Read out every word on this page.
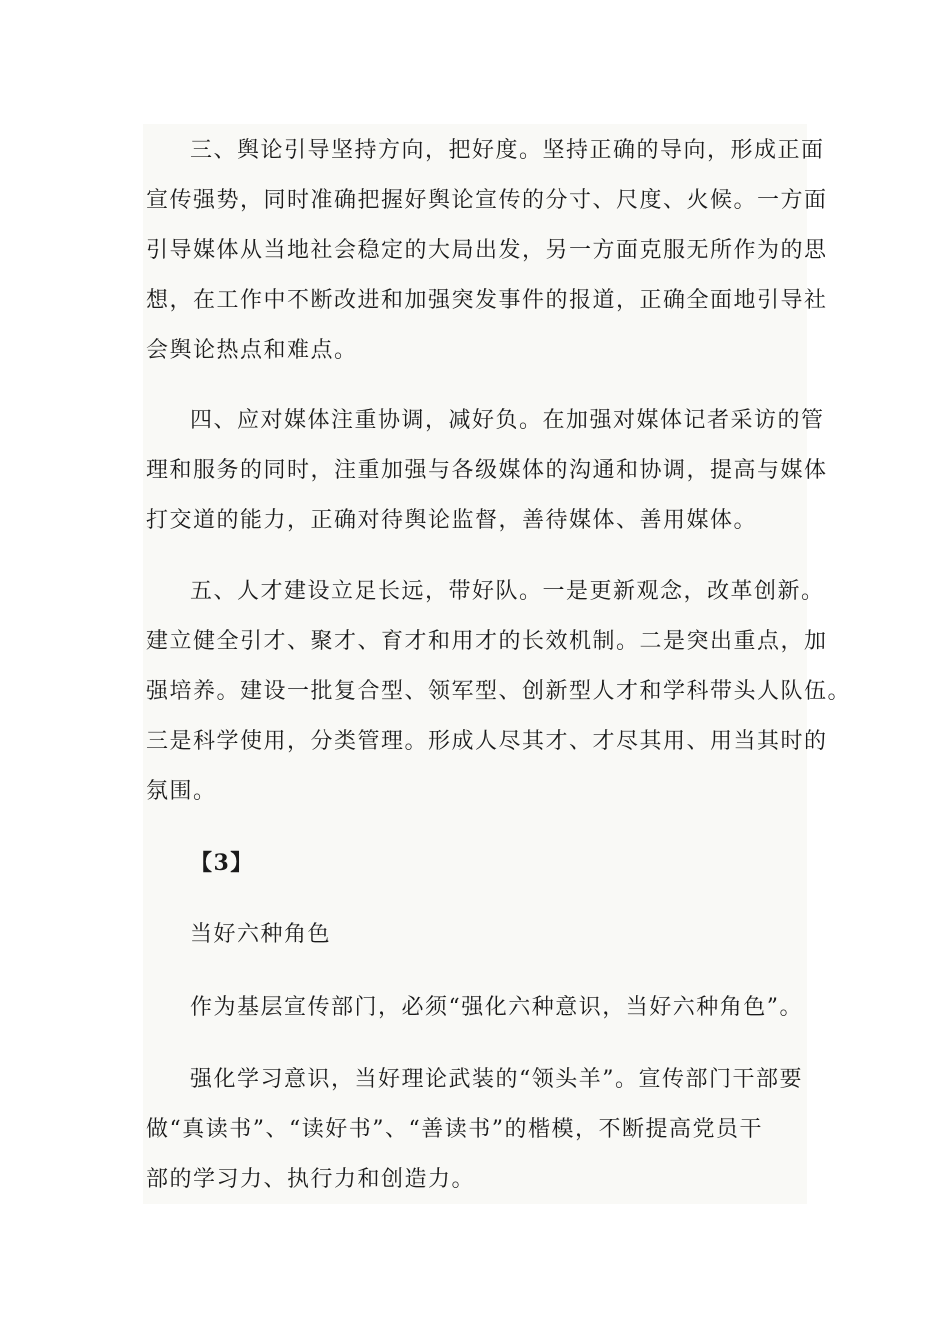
三、舆论引导坚持方向，把好度。坚持正确的导向，形成正面
宣传强势，同时准确把握好舆论宣传的分寸、尺度、火候。一方面
引导媒体从当地社会稳定的大局出发，另一方面克服无所作为的思
想，在工作中不断改进和加强突发事件的报道，正确全面地引导社
会舆论热点和难点。
四、应对媒体注重协调，减好负。在加强对媒体记者采访的管
理和服务的同时，注重加强与各级媒体的沟通和协调，提高与媒体
打交道的能力，正确对待舆论监督，善待媒体、善用媒体。
五、人才建设立足长远，带好队。一是更新观念，改革创新。
建立健全引才、聚才、育才和用才的长效机制。二是突出重点，加
强培养。建设一批复合型、领军型、创新型人才和学科带头人队伍。
三是科学使用，分类管理。形成人尽其才、才尽其用、用当其时的
氛围。
【3】
当好六种角色
作为基层宣传部门，必须“强化六种意识，当好六种角色”。
强化学习意识，当好理论武装的“领头羊”。宣传部门干部要
做“真读书”、“读好书”、“善读书”的楷模，不断提高党员干
部的学习力、执行力和创造力。
